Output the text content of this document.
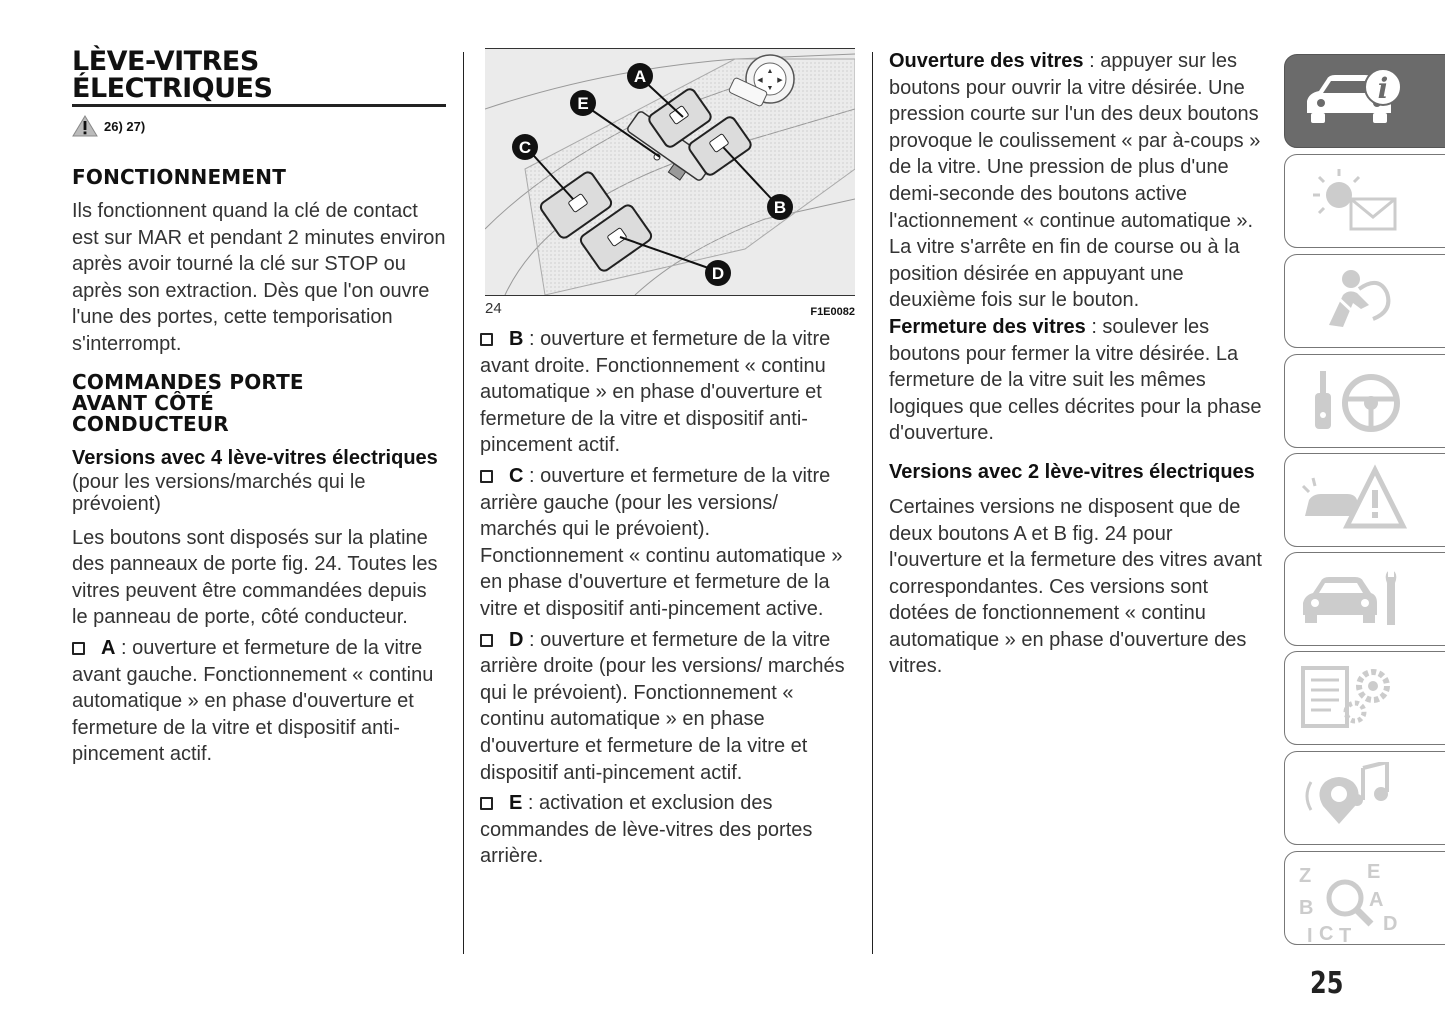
LÈVE-VITRES
ÉLECTRIQUES
26) 27)
FONCTIONNEMENT

Ils fonctionnent quand la clé de contact est sur MAR et pendant 2 minutes environ après avoir tourné la clé sur STOP ou après son extraction. Dès que l'on ouvre l'une des portes, cette temporisation s'interrompt.

COMMANDES PORTE
AVANT CÔTÉ
CONDUCTEUR
Versions avec 4 lève-vitres électriques

(pour les versions/marchés qui le prévoient)

Les boutons sont disposés sur la platine des panneaux de porte fig. 24. Toutes les vitres peuvent être commandées depuis le panneau de porte, côté conducteur.

A : ouverture et fermeture de la vitre avant gauche. Fonctionnement « continu automatique » en phase d'ouverture et fermeture de la vitre et dispositif anti-pincement actif.

▲
▼
◀ ▶
A
E
C
B
D
24	F1E0082

B : ouverture et fermeture de la vitre avant droite. Fonctionnement « continu automatique » en phase d'ouverture et fermeture de la vitre et dispositif anti-pincement actif.

C : ouverture et fermeture de la vitre arrière gauche (pour les versions/ marchés qui le prévoient). Fonctionnement « continu automatique » en phase d'ouverture et fermeture de la vitre et dispositif anti-pincement active.

D : ouverture et fermeture de la vitre arrière droite (pour les versions/ marchés qui le prévoient). Fonctionnement « continu automatique » en phase d'ouverture et fermeture de la vitre et dispositif anti-pincement actif.

E : activation et exclusion des commandes de lève-vitres des portes arrière.

Ouverture des vitres : appuyer sur les boutons pour ouvrir la vitre désirée. Une pression courte sur l'un des deux boutons provoque le coulissement « par à-coups » de la vitre. Une pression de plus d'une demi-seconde des boutons active l'actionnement « continue automatique ». La vitre s'arrête en fin de course ou à la position désirée en appuyant une deuxième fois sur le bouton.

Fermeture des vitres : soulever les boutons pour fermer la vitre désirée. La fermeture de la vitre suit les mêmes logiques que celles décrites pour la phase d'ouverture.

Versions avec 2 lève-vitres électriques

Certaines versions ne disposent que de deux boutons A et B fig. 24 pour l'ouverture et la fermeture des vitres avant correspondantes. Ces versions sont dotées de fonctionnement « continu automatique » en phase d'ouverture des vitres.

i
Z	E
A
B
C T
D
I
25
